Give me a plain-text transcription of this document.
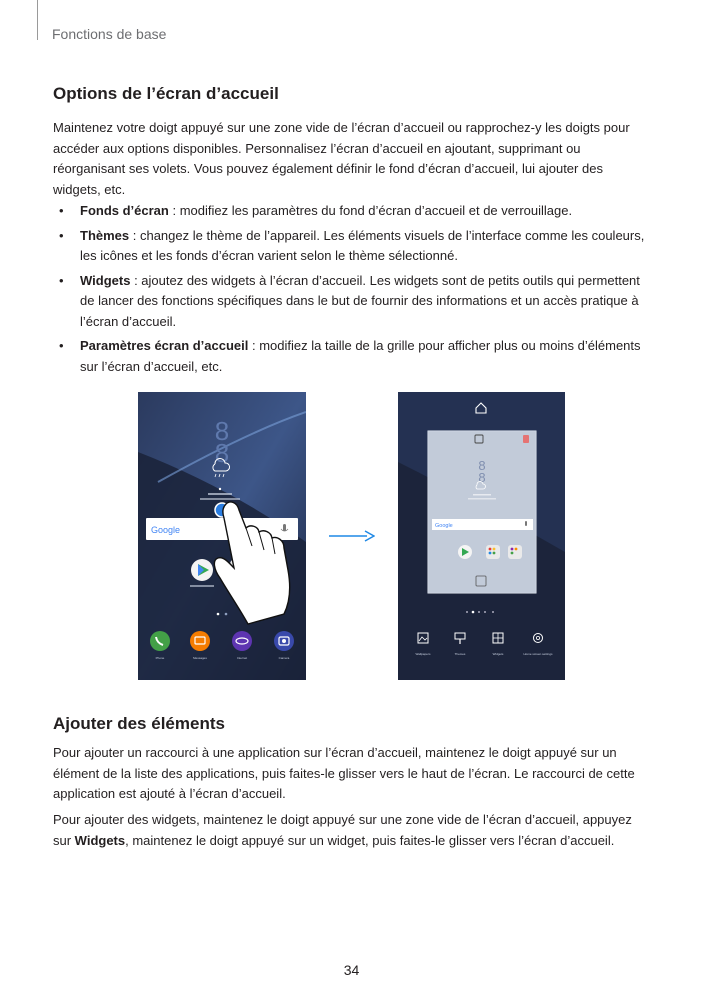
Fonctions de base
Options de l’écran d’accueil

Maintenez votre doigt appuyé sur une zone vide de l’écran d’accueil ou rapprochez-y les doigts pour accéder aux options disponibles. Personnalisez l’écran d’accueil en ajoutant, supprimant ou réorganisant ses volets. Vous pouvez également définir le fond d’écran d’accueil, lui ajouter des widgets, etc.

• Fonds d’écran : modifiez les paramètres du fond d’écran d’accueil et de verrouillage.
• Thèmes : changez le thème de l’appareil. Les éléments visuels de l’interface comme les couleurs, les icônes et les fonds d’écran varient selon le thème sélectionné.
• Widgets : ajoutez des widgets à l’écran d’accueil. Les widgets sont de petits outils qui permettent de lancer des fonctions spécifiques dans le but de fournir des informations et un accès pratique à l’écran d’accueil.
• Paramètres écran d’accueil : modifiez la taille de la grille pour afficher plus ou moins d’éléments sur l’écran d’accueil, etc.
8
8
Google
Phone	Messages	Internet	Camera
8
8
Google
Wallpapers	Themes	Widgets	Home screen settings
Ajouter des éléments

Pour ajouter un raccourci à une application sur l’écran d’accueil, maintenez le doigt appuyé sur un élément de la liste des applications, puis faites-le glisser vers le haut de l’écran. Le raccourci de cette application est ajouté à l’écran d’accueil.

Pour ajouter des widgets, maintenez le doigt appuyé sur une zone vide de l’écran d’accueil, appuyez sur Widgets, maintenez le doigt appuyé sur un widget, puis faites-le glisser vers l’écran d’accueil.

34
